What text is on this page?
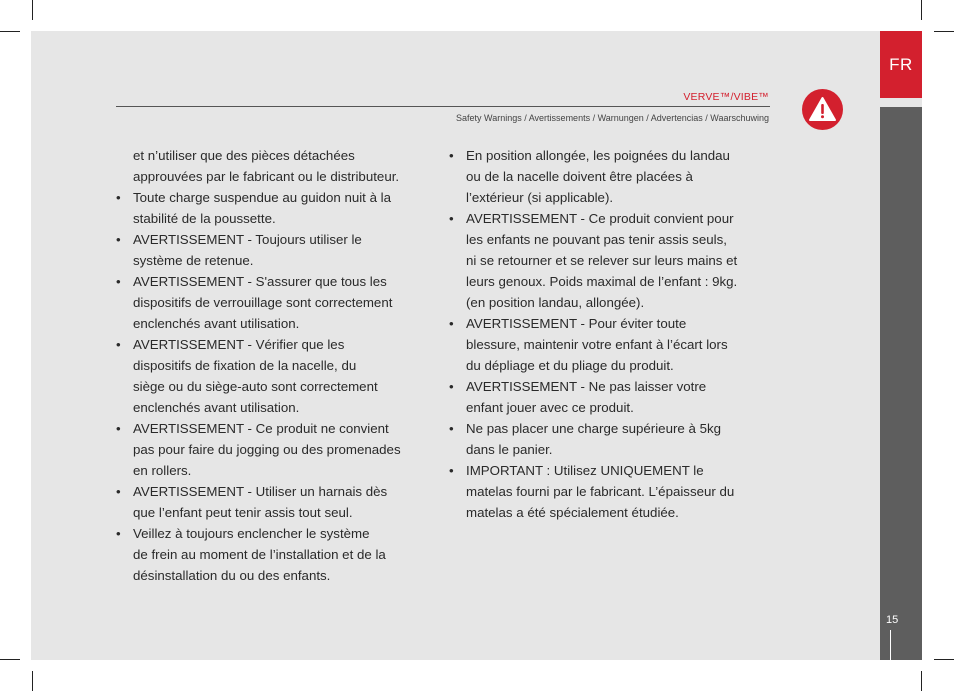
FR
15
VERVE™/VIBE™
Safety Warnings / Avertissements / Warnungen / Advertencias / Waarschuwing

et n’utiliser que des pièces détachées
approuvées par le fabricant ou le distributeur.

• Toute charge suspendue au guidon nuit à la
stabilité de la poussette.

• AVERTISSEMENT - Toujours utiliser le
système de retenue.

• AVERTISSEMENT - S'assurer que tous les
dispositifs de verrouillage sont correctement
enclenchés avant utilisation.

• AVERTISSEMENT - Vérifier que les
dispositifs de fixation de la nacelle, du
siège ou du siège-auto sont correctement
enclenchés avant utilisation.

• AVERTISSEMENT - Ce produit ne convient
pas pour faire du jogging ou des promenades
en rollers.

• AVERTISSEMENT - Utiliser un harnais dès
que l’enfant peut tenir assis tout seul.

• Veillez à toujours enclencher le système
de frein au moment de l’installation et de la
désinstallation du ou des enfants.

• En position allongée, les poignées du landau
ou de la nacelle doivent être placées à
l’extérieur (si applicable).

• AVERTISSEMENT - Ce produit convient pour
les enfants ne pouvant pas tenir assis seuls,
ni se retourner et se relever sur leurs mains et
leurs genoux. Poids maximal de l’enfant : 9kg.
(en position landau, allongée).

• AVERTISSEMENT - Pour éviter toute
blessure, maintenir votre enfant à l’écart lors
du dépliage et du pliage du produit.

• AVERTISSEMENT - Ne pas laisser votre
enfant jouer avec ce produit.

• Ne pas placer une charge supérieure à 5kg
dans le panier.

• IMPORTANT : Utilisez UNIQUEMENT le
matelas fourni par le fabricant. L’épaisseur du
matelas a été spécialement étudiée.
